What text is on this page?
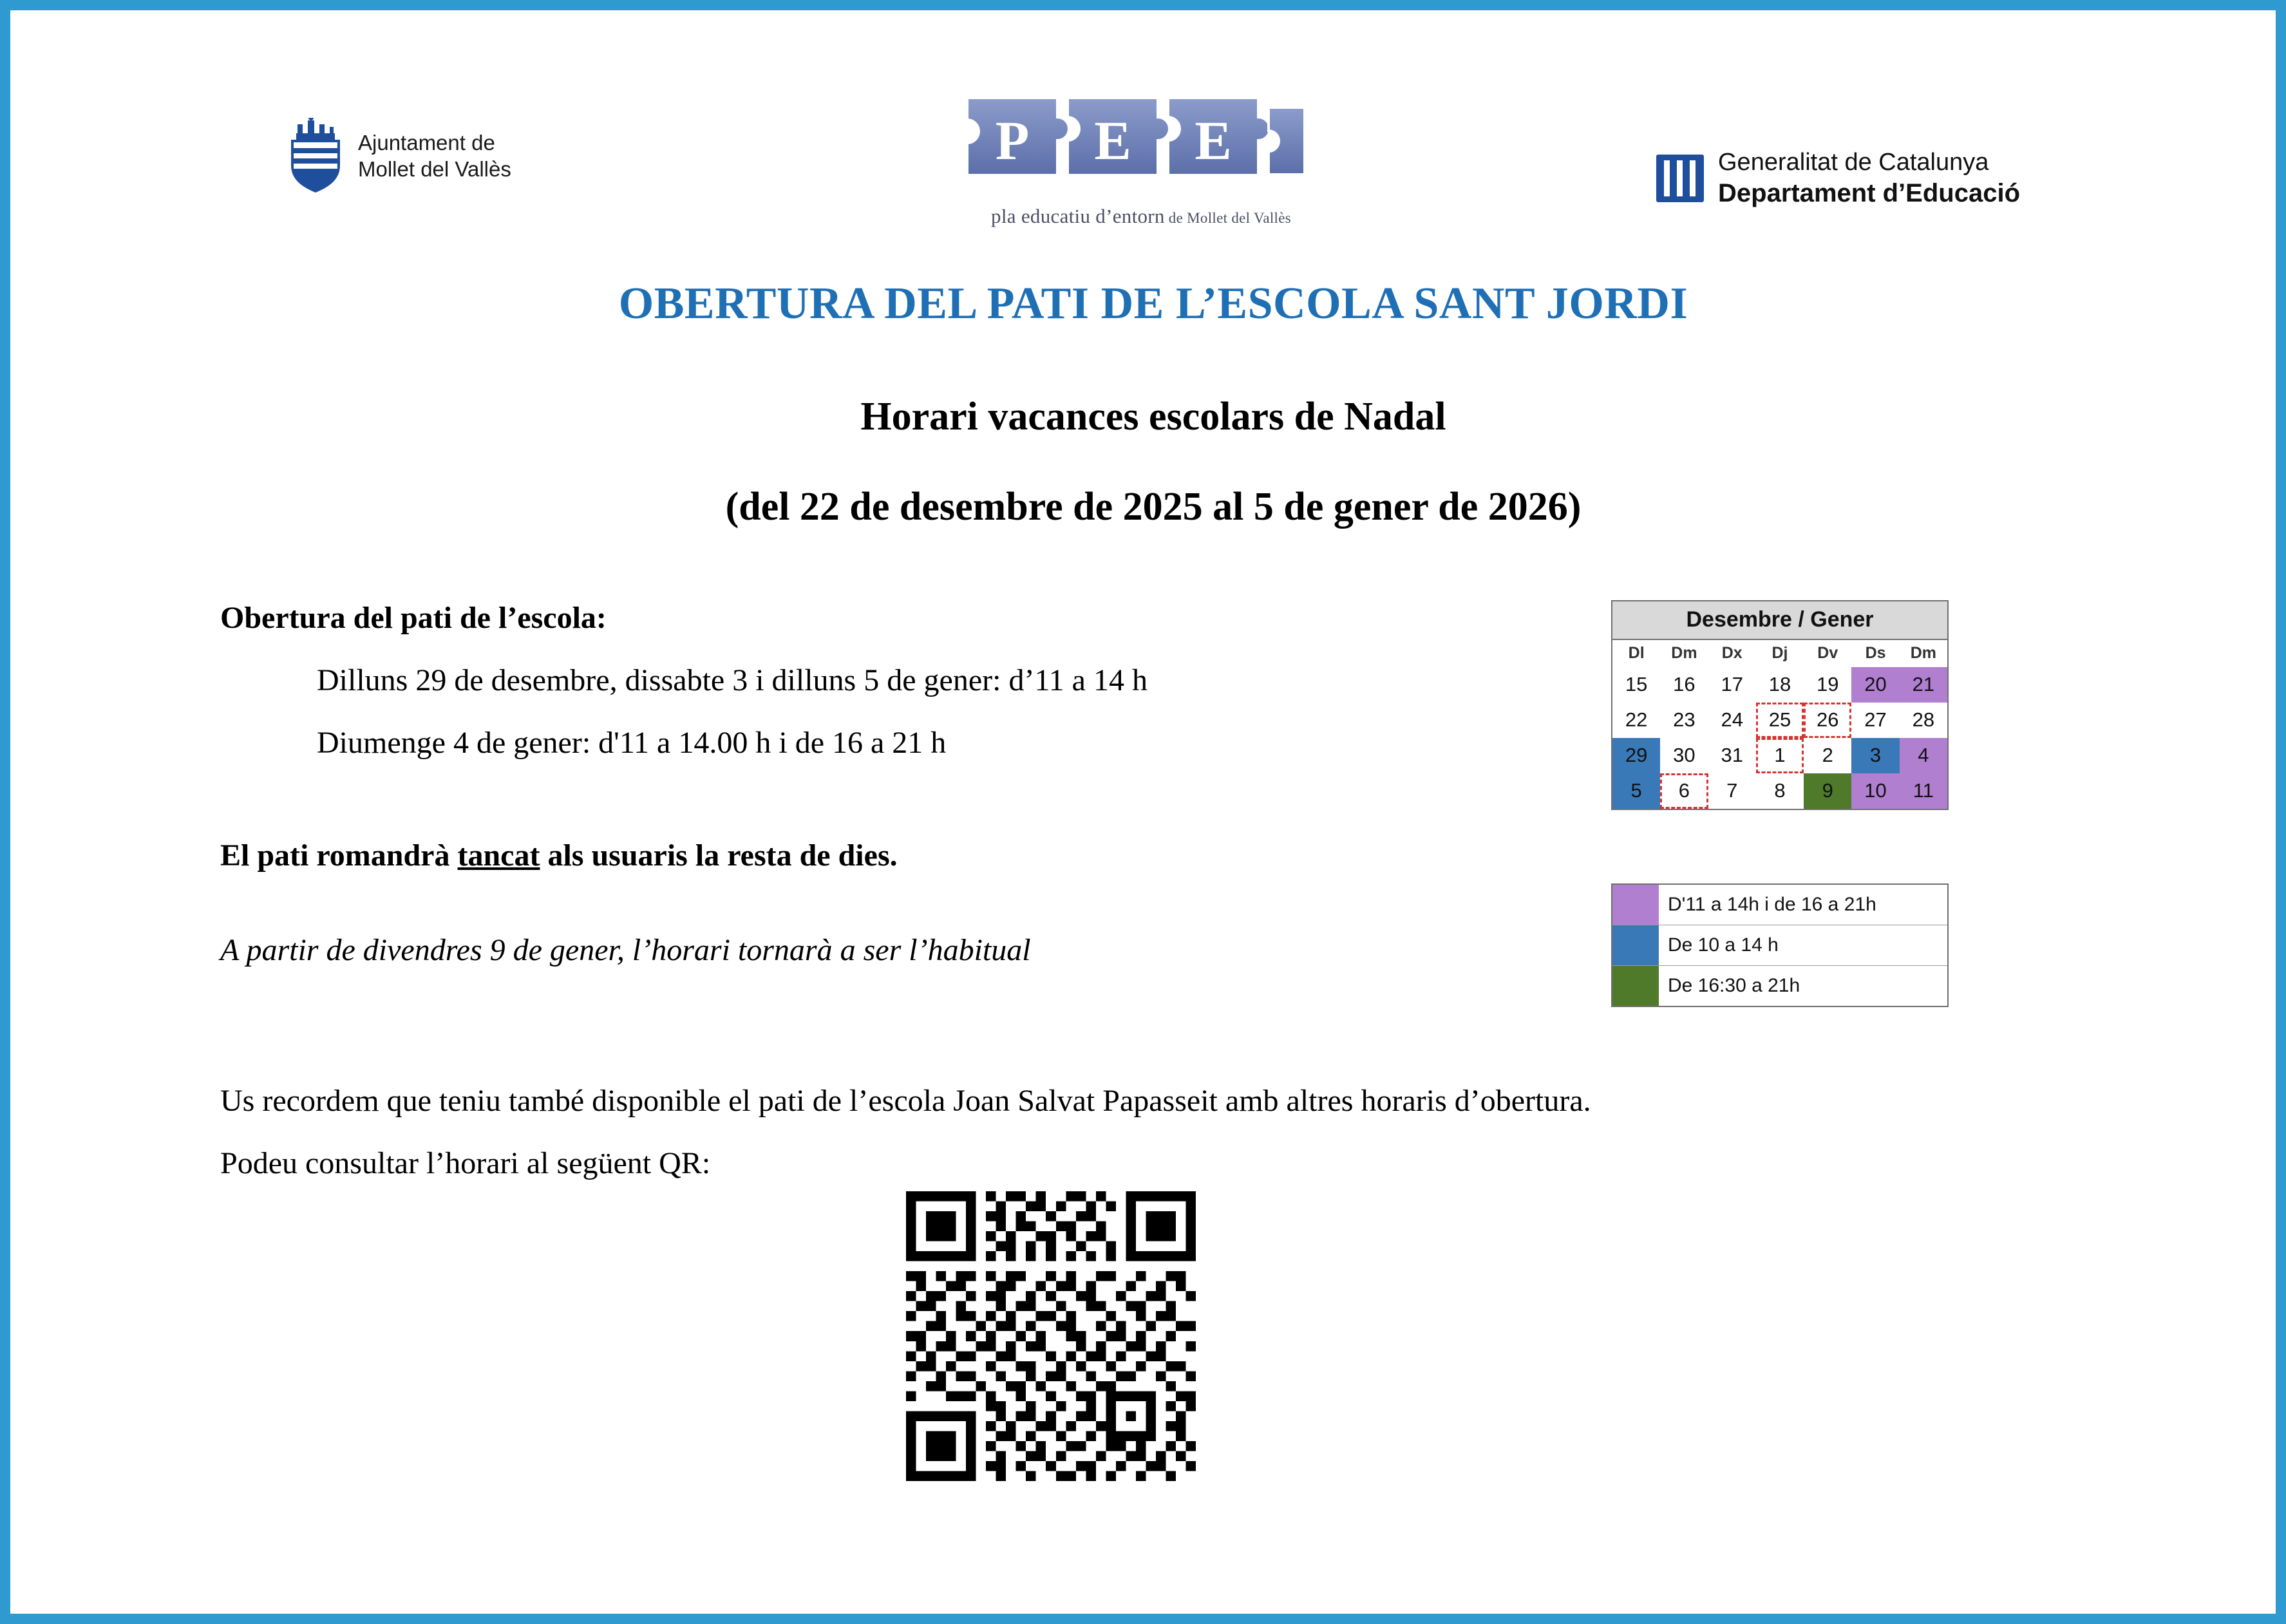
Ajuntament de
Mollet del Vallès	P E E
pla educatiu d’entorn de Mollet del Vallès
Generalitat de Catalunya
Departament d’Educació
OBERTURA DEL PATI DE L’ESCOLA SANT JORDI
Horari vacances escolars de Nadal
(del 22 de desembre de 2025 al 5 de gener de 2026)
Obertura del pati de l’escola:
Dilluns 29 de desembre, dissabte 3 i dilluns 5 de gener: d’11 a 14 h
Diumenge 4 de gener: d'11 a 14.00 h i de 16 a 21 h
El pati romandrà tancat als usuaris la resta de dies.
A partir de divendres 9 de gener, l’horari tornarà a ser l’habitual
Desembre / Gener
Dl	Dm	Dx	Dj	Dv	Ds	Dm
15	16	17	18	19	20	21
22	23	24	25	26	27	28
29	30	31	1	2	3	4
5	6	7	8	9	10	11
D'11 a 14h i de 16 a 21h
De 10 a 14 h
De 16:30 a 21h
Us recordem que teniu també disponible el pati de l’escola Joan Salvat Papasseit amb altres horaris d’obertura.
Podeu consultar l’horari al següent QR:
